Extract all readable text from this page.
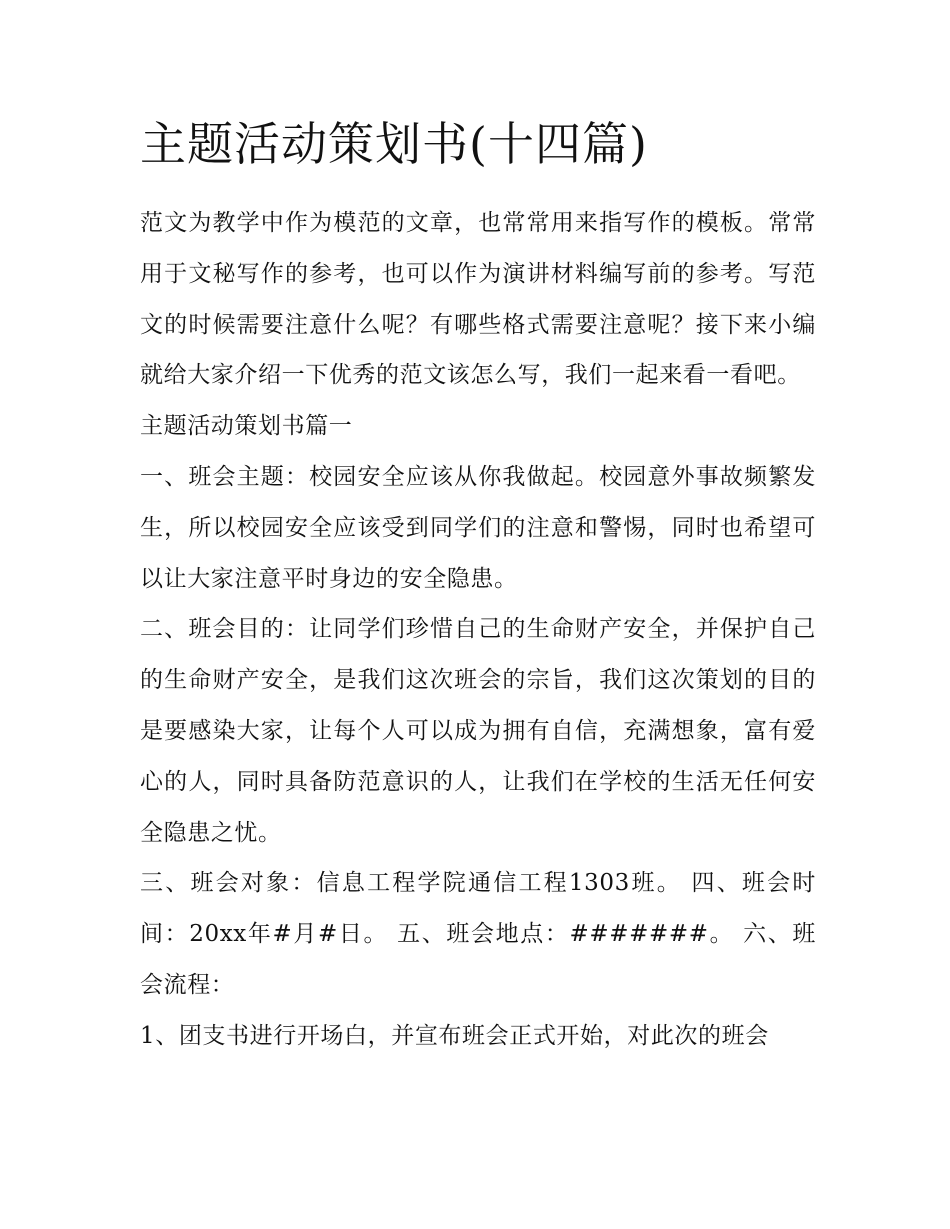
主题活动策划书(十四篇)

范文为教学中作为模范的文章，也常常用来指写作的模板。常常用于文秘写作的参考，也可以作为演讲材料编写前的参考。写范文的时候需要注意什么呢？有哪些格式需要注意呢？接下来小编就给大家介绍一下优秀的范文该怎么写，我们一起来看一看吧。

主题活动策划书篇一

一、班会主题：校园安全应该从你我做起。校园意外事故频繁发生，所以校园安全应该受到同学们的注意和警惕，同时也希望可以让大家注意平时身边的安全隐患。

二、班会目的：让同学们珍惜自己的生命财产安全，并保护自己的生命财产安全，是我们这次班会的宗旨，我们这次策划的目的是要感染大家，让每个人可以成为拥有自信，充满想象，富有爱心的人，同时具备防范意识的人，让我们在学校的生活无任何安全隐患之忧。

三、班会对象：信息工程学院通信工程1303班。 四、班会时间：20xx年#月#日。 五、班会地点：#######。 六、班会流程：

1、团支书进行开场白，并宣布班会正式开始，对此次的班会
